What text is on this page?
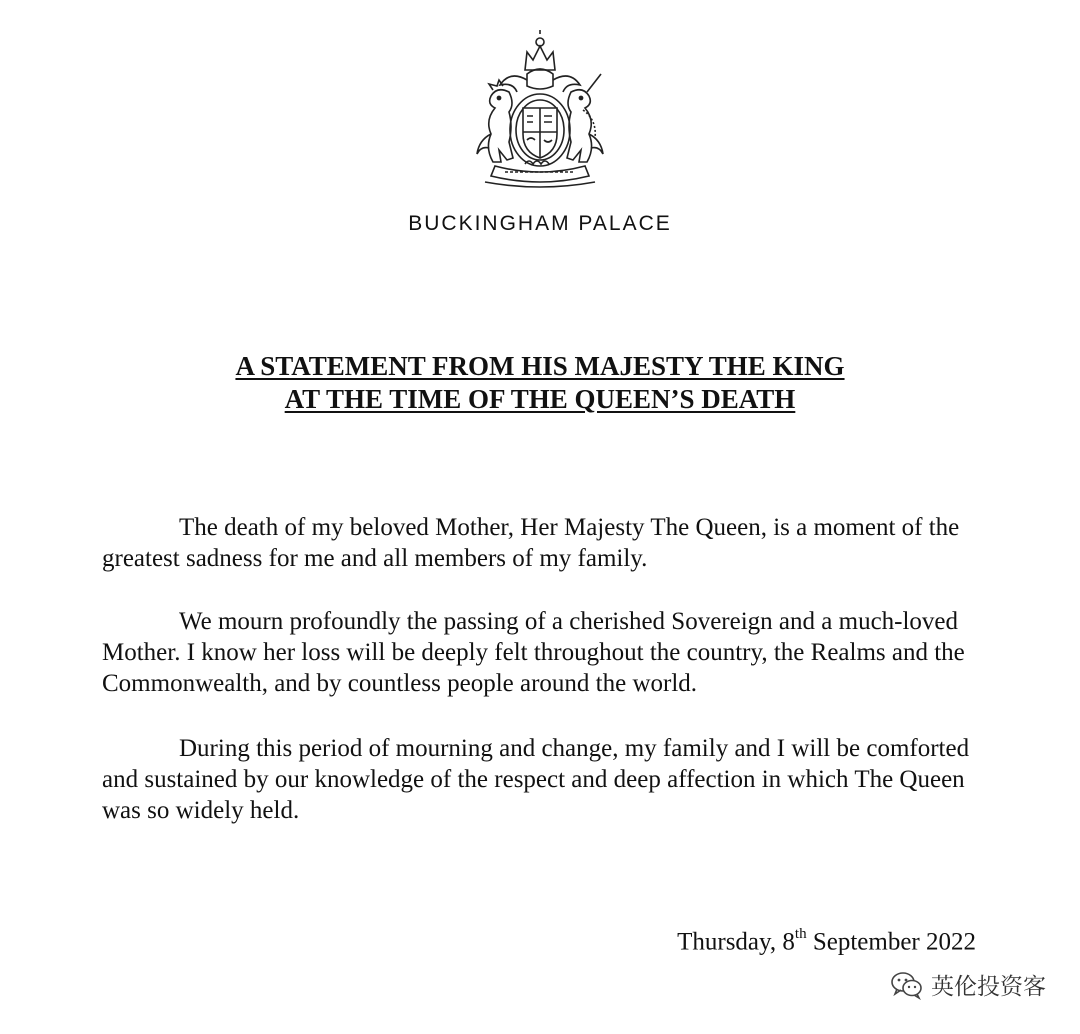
BUCKINGHAM PALACE
A STATEMENT FROM HIS MAJESTY THE KING
AT THE TIME OF THE QUEEN’S DEATH

The death of my beloved Mother, Her Majesty The Queen, is a moment of the greatest sadness for me and all members of my family.

We mourn profoundly the passing of a cherished Sovereign and a much-loved Mother. I know her loss will be deeply felt throughout the country, the Realms and the Commonwealth, and by countless people around the world.

During this period of mourning and change, my family and I will be comforted and sustained by our knowledge of the respect and deep affection in which The Queen was so widely held.

Thursday, 8th September 2022
英伦投资客
